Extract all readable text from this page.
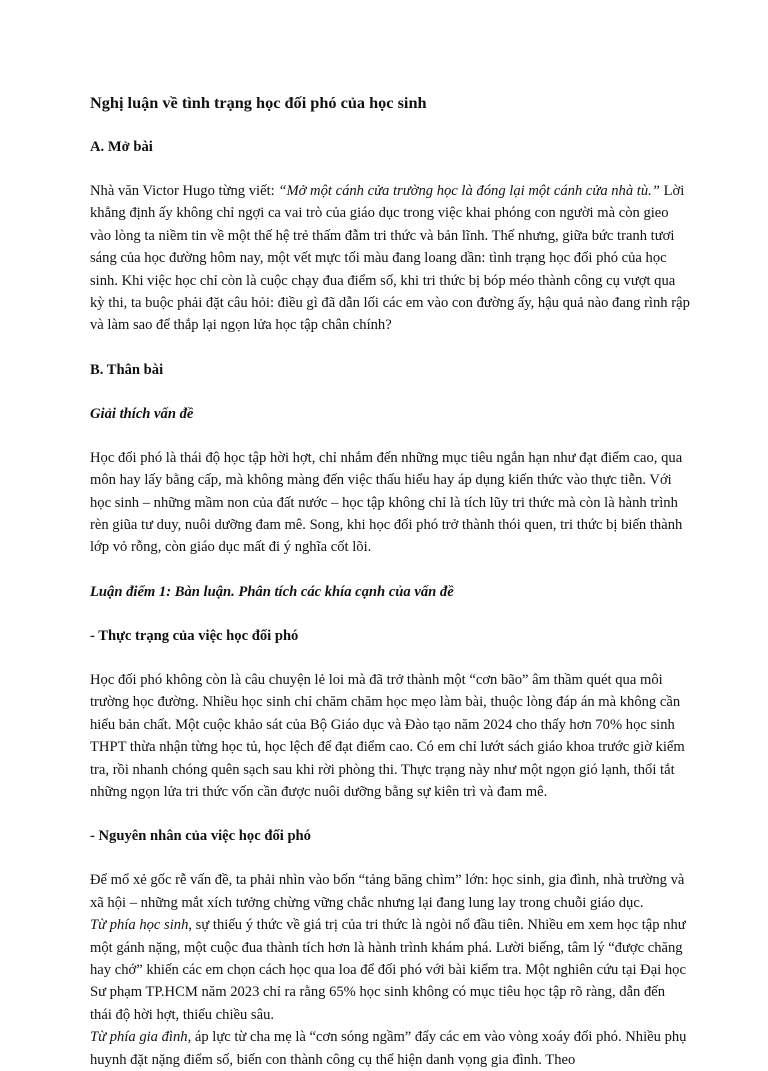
Nghị luận về tình trạng học đối phó của học sinh
A. Mở bài

Nhà văn Victor Hugo từng viết: “Mở một cánh cửa trường học là đóng lại một cánh cửa nhà tù.” Lời khẳng định ấy không chỉ ngợi ca vai trò của giáo dục trong việc khai phóng con người mà còn gieo vào lòng ta niềm tin về một thế hệ trẻ thấm đẫm tri thức và bản lĩnh. Thế nhưng, giữa bức tranh tươi sáng của học đường hôm nay, một vết mực tối màu đang loang dần: tình trạng học đối phó của học sinh. Khi việc học chỉ còn là cuộc chạy đua điểm số, khi tri thức bị bóp méo thành công cụ vượt qua kỳ thi, ta buộc phải đặt câu hỏi: điều gì đã dẫn lối các em vào con đường ấy, hậu quả nào đang rình rập và làm sao để thắp lại ngọn lửa học tập chân chính?

B. Thân bài
Giải thích vấn đề

Học đối phó là thái độ học tập hời hợt, chỉ nhắm đến những mục tiêu ngắn hạn như đạt điểm cao, qua môn hay lấy bằng cấp, mà không màng đến việc thấu hiểu hay áp dụng kiến thức vào thực tiễn. Với học sinh – những mầm non của đất nước – học tập không chỉ là tích lũy tri thức mà còn là hành trình rèn giũa tư duy, nuôi dưỡng đam mê. Song, khi học đối phó trở thành thói quen, tri thức bị biến thành lớp vỏ rỗng, còn giáo dục mất đi ý nghĩa cốt lõi.

Luận điểm 1: Bàn luận. Phân tích các khía cạnh của vấn đề
- Thực trạng của việc học đối phó

Học đối phó không còn là câu chuyện lẻ loi mà đã trở thành một “cơn bão” âm thầm quét qua môi trường học đường. Nhiều học sinh chỉ chăm chăm học mẹo làm bài, thuộc lòng đáp án mà không cần hiểu bản chất. Một cuộc khảo sát của Bộ Giáo dục và Đào tạo năm 2024 cho thấy hơn 70% học sinh THPT thừa nhận từng học tủ, học lệch để đạt điểm cao. Có em chỉ lướt sách giáo khoa trước giờ kiểm tra, rồi nhanh chóng quên sạch sau khi rời phòng thi. Thực trạng này như một ngọn gió lạnh, thổi tắt những ngọn lửa tri thức vốn cần được nuôi dưỡng bằng sự kiên trì và đam mê.

- Nguyên nhân của việc học đối phó

Để mổ xẻ gốc rễ vấn đề, ta phải nhìn vào bốn “tảng băng chìm” lớn: học sinh, gia đình, nhà trường và xã hội – những mắt xích tưởng chừng vững chắc nhưng lại đang lung lay trong chuỗi giáo dục.

Từ phía học sinh, sự thiếu ý thức về giá trị của tri thức là ngòi nổ đầu tiên. Nhiều em xem học tập như một gánh nặng, một cuộc đua thành tích hơn là hành trình khám phá. Lười biếng, tâm lý “được chăng hay chớ” khiến các em chọn cách học qua loa để đối phó với bài kiểm tra. Một nghiên cứu tại Đại học Sư phạm TP.HCM năm 2023 chỉ ra rằng 65% học sinh không có mục tiêu học tập rõ ràng, dẫn đến thái độ hời hợt, thiếu chiều sâu.

Từ phía gia đình, áp lực từ cha mẹ là “cơn sóng ngầm” đẩy các em vào vòng xoáy đối phó. Nhiều phụ huynh đặt nặng điểm số, biến con thành công cụ thể hiện danh vọng gia đình. Theo
